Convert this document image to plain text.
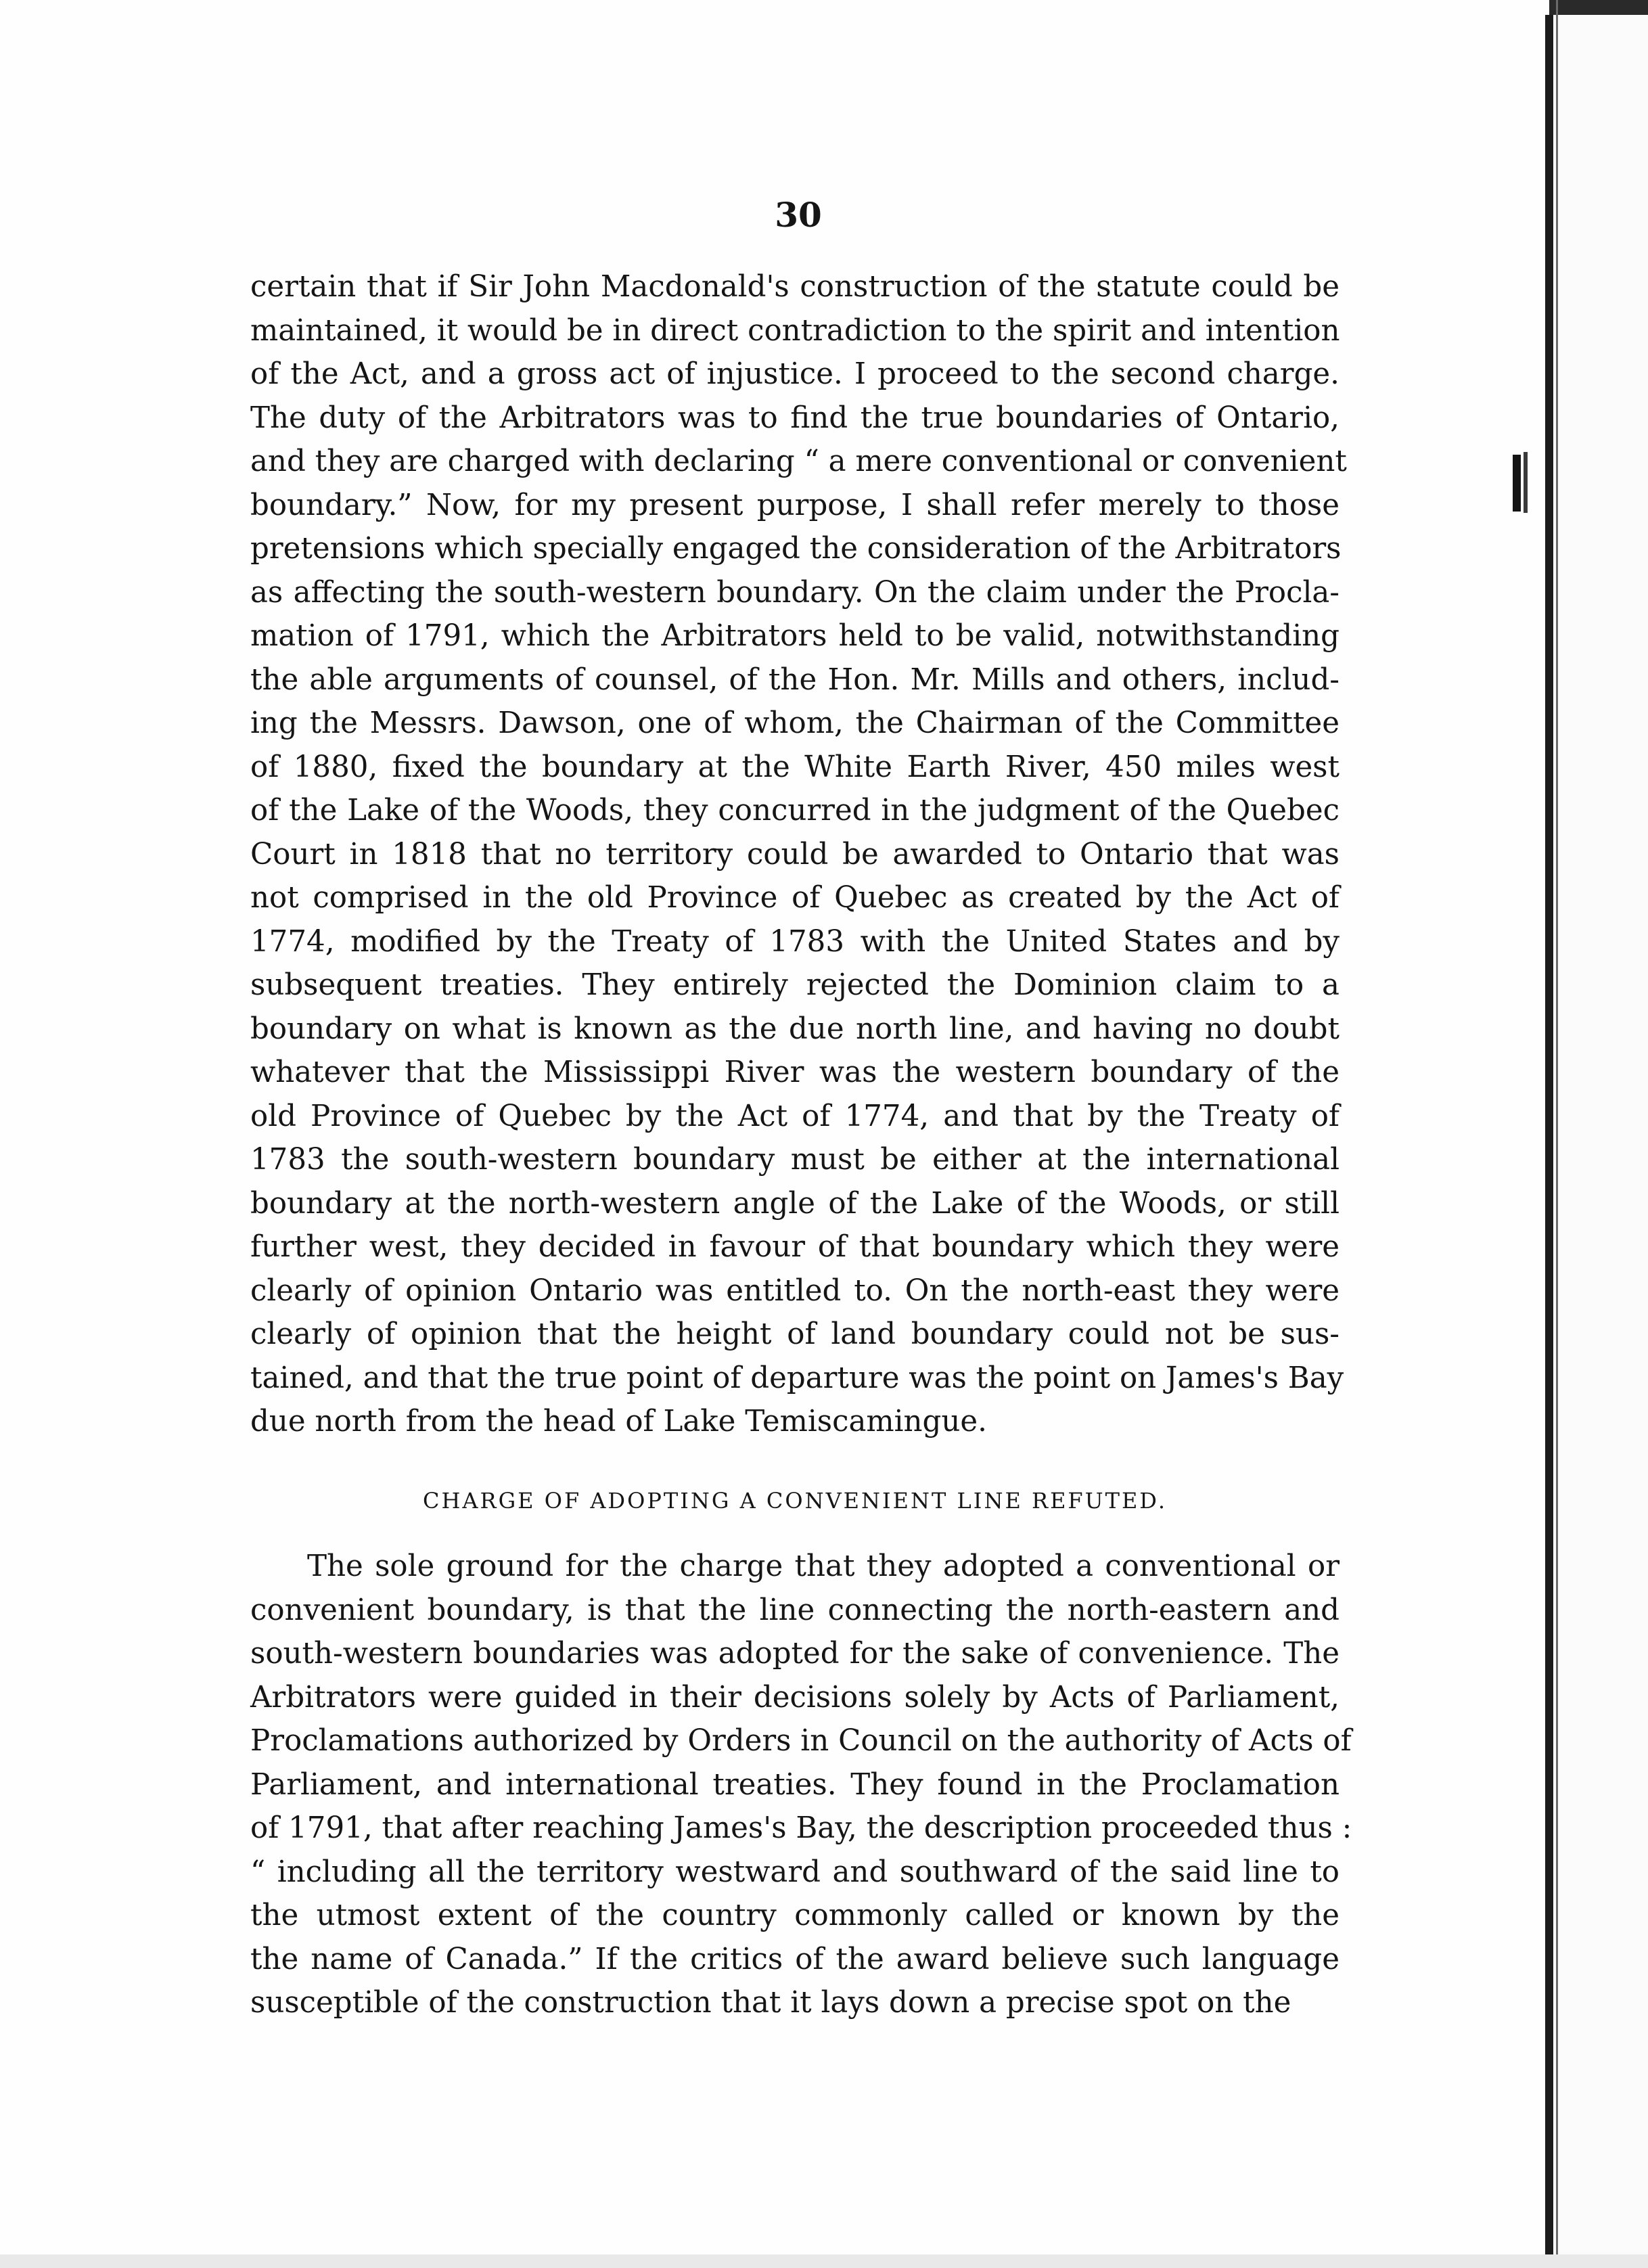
30
certain that if Sir John Macdonald's construction of the statute could be
maintained, it would be in direct contradiction to the spirit and intention
of the Act, and a gross act of injustice. I proceed to the second charge.
The duty of the Arbitrators was to find the true boundaries of Ontario,
and they are charged with declaring “ a mere conventional or convenient
boundary.” Now, for my present purpose, I shall refer merely to those
pretensions which specially engaged the consideration of the Arbitrators
as affecting the south-western boundary. On the claim under the Procla-
mation of 1791, which the Arbitrators held to be valid, notwithstanding
the able arguments of counsel, of the Hon. Mr. Mills and others, includ-
ing the Messrs. Dawson, one of whom, the Chairman of the Committee
of 1880, fixed the boundary at the White Earth River, 450 miles west
of the Lake of the Woods, they concurred in the judgment of the Quebec
Court in 1818 that no territory could be awarded to Ontario that was
not comprised in the old Province of Quebec as created by the Act of
1774, modified by the Treaty of 1783 with the United States and by
subsequent treaties. They entirely rejected the Dominion claim to a
boundary on what is known as the due north line, and having no doubt
whatever that the Mississippi River was the western boundary of the
old Province of Quebec by the Act of 1774, and that by the Treaty of
1783 the south-western boundary must be either at the international
boundary at the north-western angle of the Lake of the Woods, or still
further west, they decided in favour of that boundary which they were
clearly of opinion Ontario was entitled to. On the north-east they were
clearly of opinion that the height of land boundary could not be sus-
tained, and that the true point of departure was the point on James's Bay
due north from the head of Lake Temiscamingue.
CHARGE OF ADOPTING A CONVENIENT LINE REFUTED.
The sole ground for the charge that they adopted a conventional or
convenient boundary, is that the line connecting the north-eastern and
south-western boundaries was adopted for the sake of convenience. The
Arbitrators were guided in their decisions solely by Acts of Parliament,
Proclamations authorized by Orders in Council on the authority of Acts of
Parliament, and international treaties. They found in the Proclamation
of 1791, that after reaching James's Bay, the description proceeded thus :
“ including all the territory westward and southward of the said line to
the utmost extent of the country commonly called or known by the
the name of Canada.” If the critics of the award believe such language
susceptible of the construction that it lays down a precise spot on the
